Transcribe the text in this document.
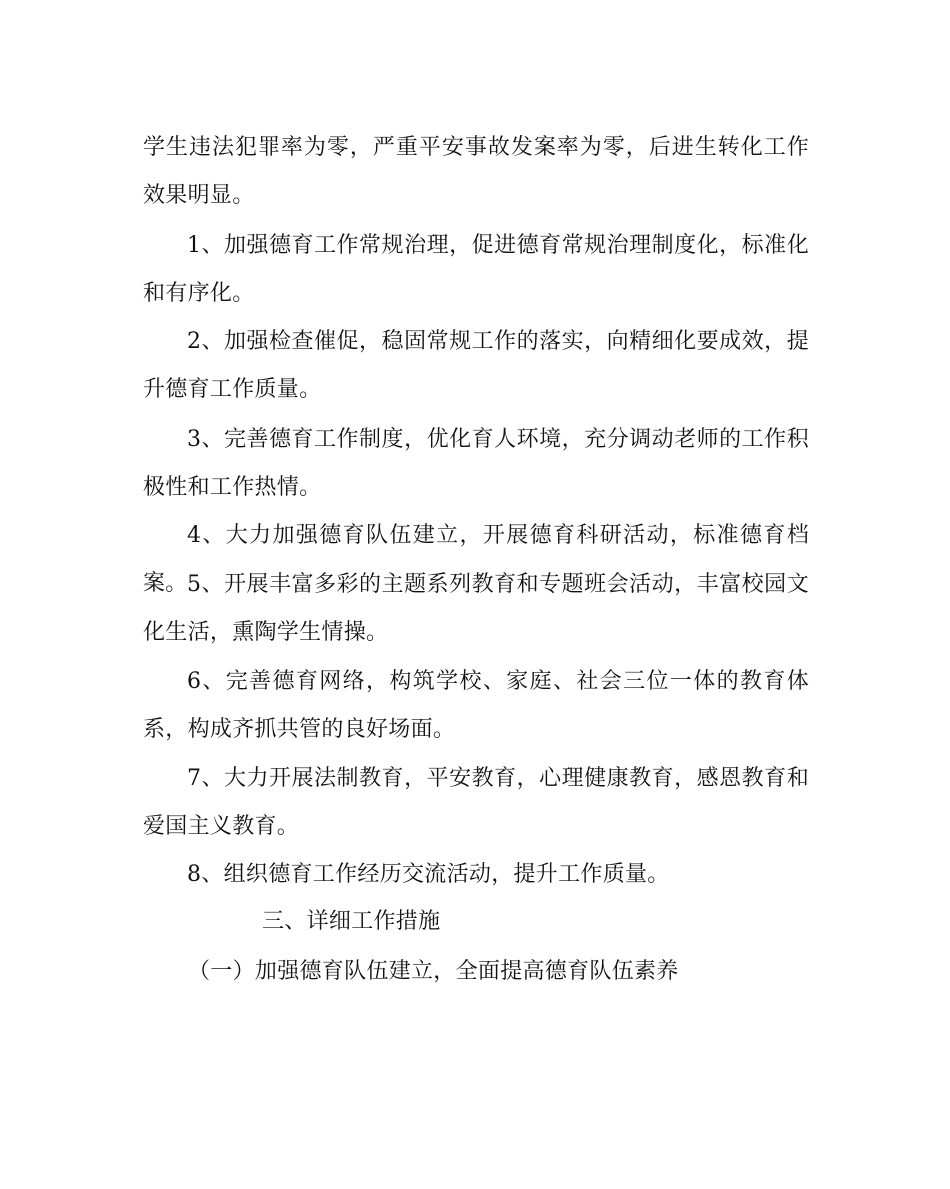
学生违法犯罪率为零，严重平安事故发案率为零，后进生转化工作效果明显。

1、加强德育工作常规治理，促进德育常规治理制度化，标准化和有序化。

2、加强检查催促，稳固常规工作的落实，向精细化要成效，提升德育工作质量。

3、完善德育工作制度，优化育人环境，充分调动老师的工作积极性和工作热情。

4、大力加强德育队伍建立，开展德育科研活动，标准德育档案。 5、开展丰富多彩的主题系列教育和专题班会活动，丰富校园文化生活，熏陶学生情操。

6、完善德育网络，构筑学校、家庭、社会三位一体的教育体系，构成齐抓共管的良好场面。

7、大力开展法制教育，平安教育，心理健康教育，感恩教育和爱国主义教育。

8、组织德育工作经历交流活动，提升工作质量。

三、详细工作措施

（一）加强德育队伍建立，全面提高德育队伍素养
